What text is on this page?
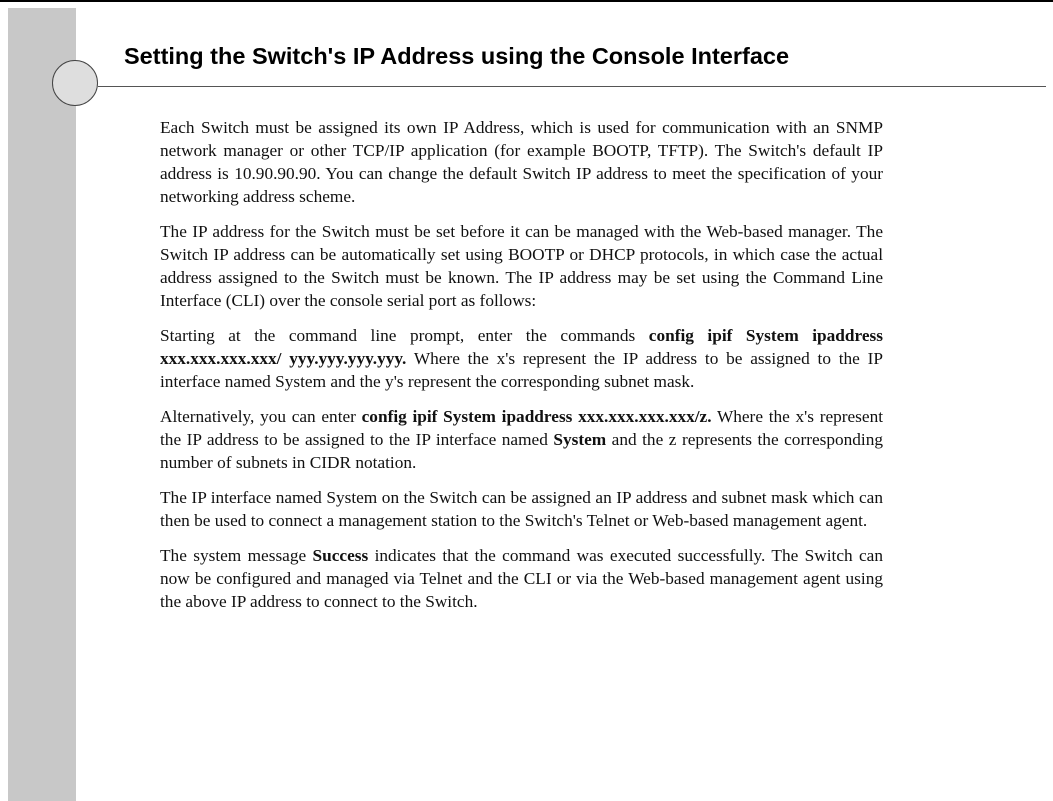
Setting the Switch's IP Address using the Console Interface

Each Switch must be assigned its own IP Address, which is used for communication with an SNMP network manager or other TCP/IP application (for example BOOTP, TFTP). The Switch's default IP address is 10.90.90.90. You can change the default Switch IP address to meet the specification of your networking address scheme.

The IP address for the Switch must be set before it can be managed with the Web-based manager. The Switch IP address can be automatically set using BOOTP or DHCP protocols, in which case the actual address assigned to the Switch must be known. The IP address may be set using the Command Line Interface (CLI) over the console serial port as follows:

Starting at the command line prompt, enter the commands config ipif System ipaddress xxx.xxx.xxx.xxx/ yyy.yyy.yyy.yyy. Where the x's represent the IP address to be assigned to the IP interface named System and the y's represent the corresponding subnet mask.

Alternatively, you can enter config ipif System ipaddress xxx.xxx.xxx.xxx/z. Where the x's represent the IP address to be assigned to the IP interface named System and the z represents the corresponding number of subnets in CIDR notation.

The IP interface named System on the Switch can be assigned an IP address and subnet mask which can then be used to connect a management station to the Switch's Telnet or Web-based management agent.

The system message Success indicates that the command was executed successfully. The Switch can now be configured and managed via Telnet and the CLI or via the Web-based management agent using the above IP address to connect to the Switch.
